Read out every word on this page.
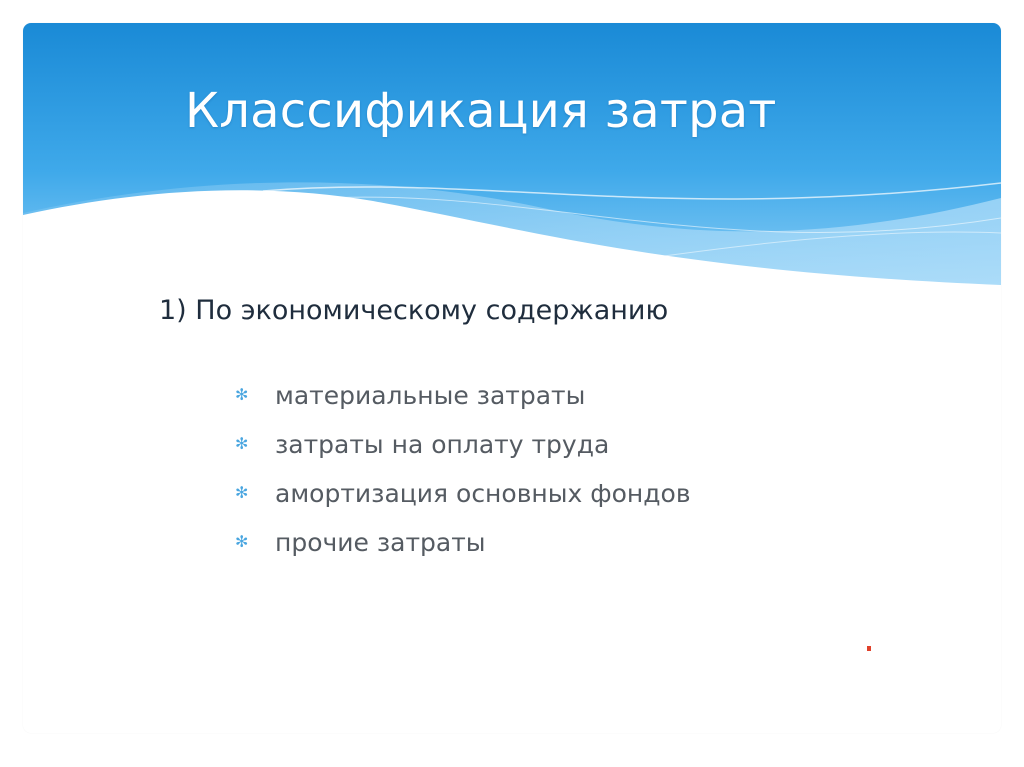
Классификация затрат
1) По экономическому содержанию
✻	материальные затраты
✻	затраты на оплату труда
✻	амортизация основных фондов
✻	прочие затраты
